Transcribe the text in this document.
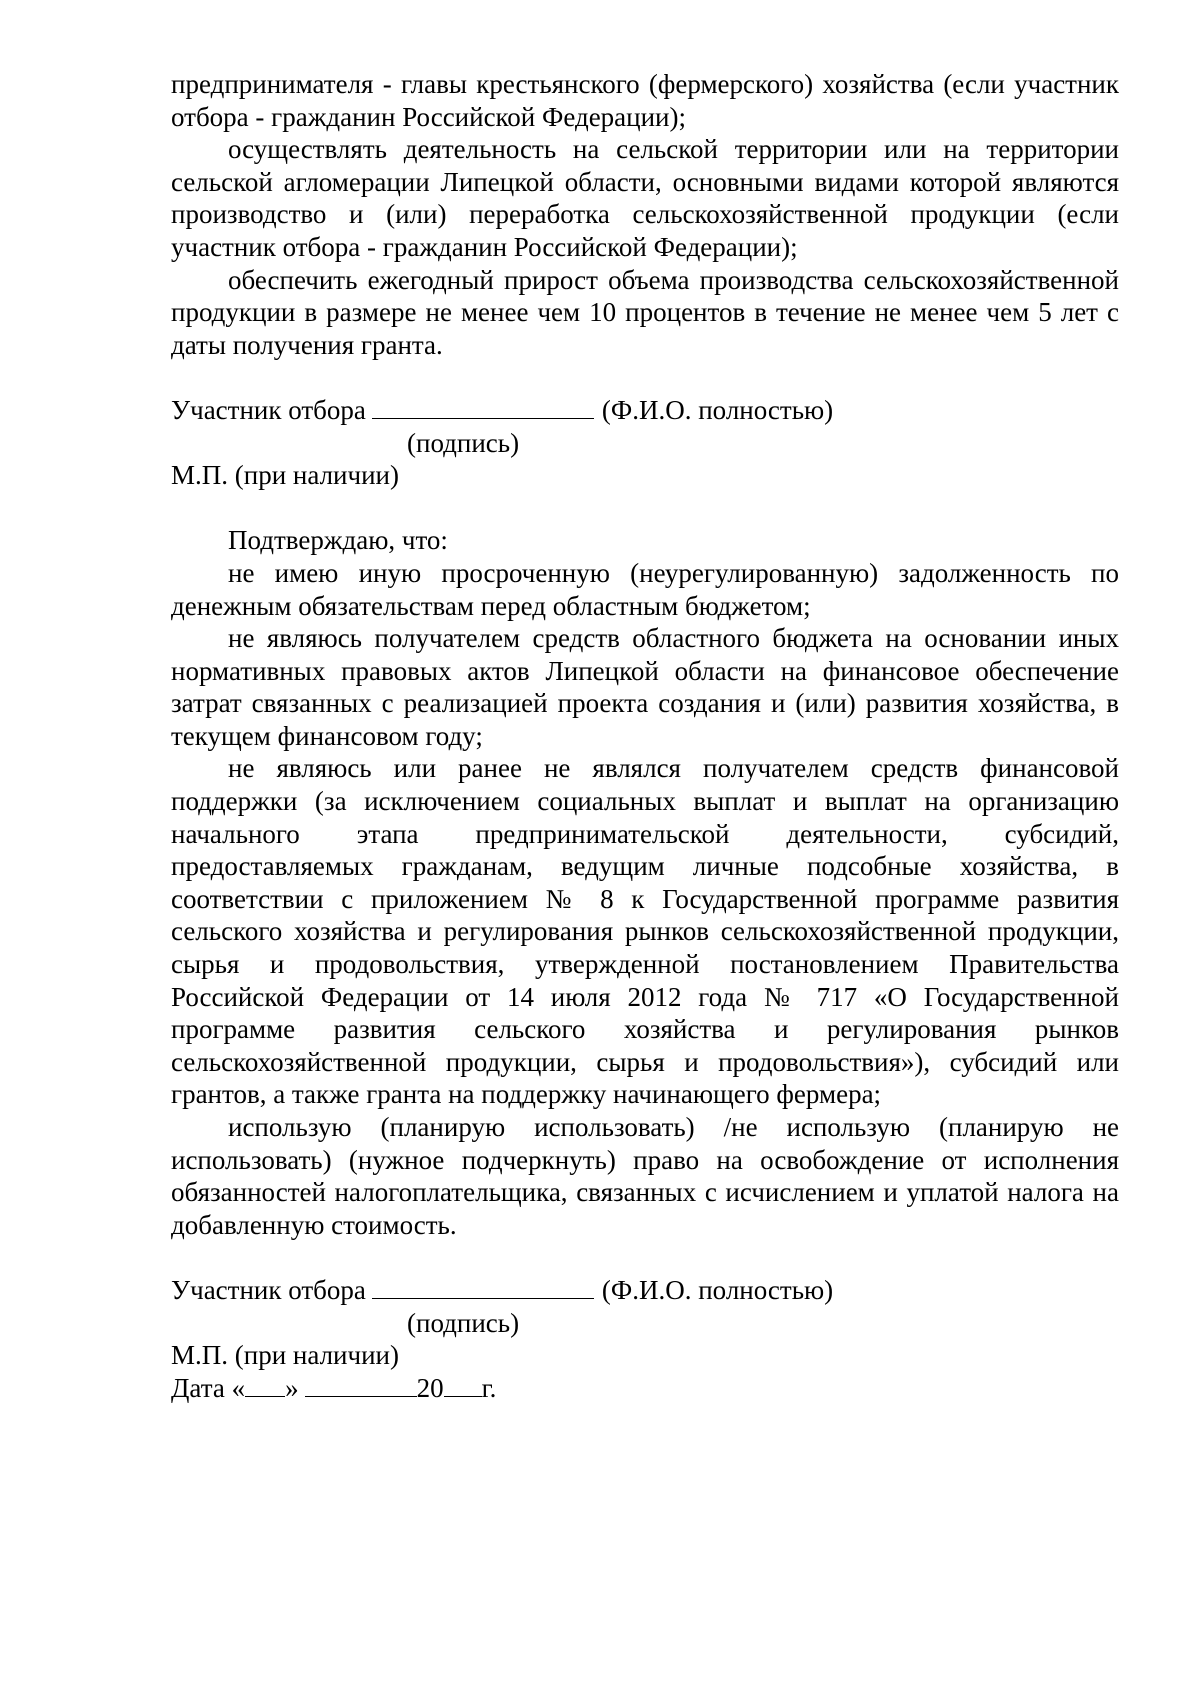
предпринимателя - главы крестьянского (фермерского) хозяйства (если участник отбора - гражданин Российской Федерации);

осуществлять деятельность на сельской территории или на территории сельской агломерации Липецкой области, основными видами которой являются производство и (или) переработка сельскохозяйственной продукции (если участник отбора - гражданин Российской Федерации);

обеспечить ежегодный прирост объема производства сельскохозяйственной продукции в размере не менее чем 10 процентов в течение не менее чем 5 лет с даты получения гранта.

Участник отбора	(Ф.И.О. полностью)

(подпись)

М.П. (при наличии)

Подтверждаю, что:

не имею иную просроченную (неурегулированную) задолженность по денежным обязательствам перед областным бюджетом;

не являюсь получателем средств областного бюджета на основании иных нормативных правовых актов Липецкой области на финансовое обеспечение затрат связанных с реализацией проекта создания и (или) развития хозяйства, в текущем финансовом году;

не являюсь или ранее не являлся получателем средств финансовой поддержки (за исключением социальных выплат и выплат на организацию начального этапа предпринимательской деятельности, субсидий, предоставляемых гражданам, ведущим личные подсобные хозяйства, в соответствии с приложением № 8 к Государственной программе развития сельского хозяйства и регулирования рынков сельскохозяйственной продукции, сырья и продовольствия, утвержденной постановлением Правительства Российской Федерации от 14 июля 2012 года № 717 «О Государственной программе развития сельского хозяйства и регулирования рынков сельскохозяйственной продукции, сырья и продовольствия»), субсидий или грантов, а также гранта на поддержку начинающего фермера;

использую (планирую использовать) /не использую (планирую не использовать) (нужное подчеркнуть) право на освобождение от исполнения обязанностей налогоплательщика, связанных с исчислением и уплатой налога на добавленную стоимость.

Участник отбора	(Ф.И.О. полностью)

(подпись)

М.П. (при наличии)

Дата « »	20 г.
